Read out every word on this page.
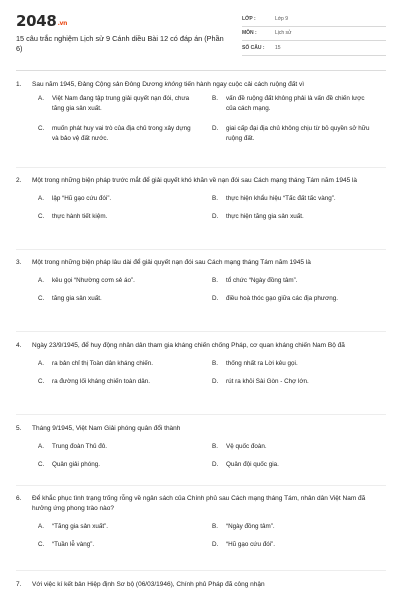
2048.vn
15 câu trắc nghiệm Lịch sử 9 Cánh diều Bài 12 có đáp án (Phần 6)
LỚP :	Lớp 9
MÔN :	Lịch sử
SỐ CÂU :	15
1.	Sau năm 1945, Đảng Cộng sản Đông Dương không tiến hành ngay cuộc cải cách ruộng đất vì
A.	Việt Nam đang tập trung giải quyết nạn đói, chưa tăng gia sản xuất.
B.	vấn đề ruộng đất không phải là vấn đề chiến lược của cách mạng.
C.	muốn phát huy vai trò của địa chủ trong xây dựng và bảo vệ đất nước.
D.	giai cấp đại địa chủ không chịu từ bỏ quyền sở hữu ruộng đất.
2.	Một trong những biện pháp trước mắt để giải quyết khó khăn về nạn đói sau Cách mạng tháng Tám năm 1945 là
A.	lập “Hũ gạo cứu đói”.	B.	thực hiện khẩu hiệu “Tấc đất tấc vàng”.
C.	thực hành tiết kiệm.	D.	thực hiện tăng gia sản xuất.
3.	Một trong những biện pháp lâu dài để giải quyết nạn đói sau Cách mạng tháng Tám năm 1945 là
A.	kêu gọi “Nhường cơm sẻ áo”.	B.	tổ chức “Ngày đồng tâm”.
C.	tăng gia sản xuất.	D.	điều hoà thóc gạo giữa các địa phương.
4.	Ngày 23/9/1945, để huy động nhân dân tham gia kháng chiến chống Pháp, cơ quan kháng chiến Nam Bộ đã
A.	ra bản chỉ thị Toàn dân kháng chiến.	B.	thống nhất ra Lời kêu gọi.
C.	ra đường lối kháng chiến toàn dân.	D.	rút ra khỏi Sài Gòn - Chợ lớn.
5.	Tháng 9/1945, Việt Nam Giải phóng quân đổi thành
A.	Trung đoàn Thủ đô.	B.	Vệ quốc đoàn.
C.	Quân giải phóng.	D.	Quân đội quốc gia.
6.	Để khắc phục tình trạng trống rỗng về ngân sách của Chính phủ sau Cách mạng tháng Tám, nhân dân Việt Nam đã hưởng ứng phong trào nào?
A.	“Tăng gia sản xuất”.	B.	“Ngày đồng tâm”.
C.	“Tuần lễ vàng”.	D.	“Hũ gạo cứu đói”.
7.	Với việc kí kết bản Hiệp định Sơ bộ (06/03/1946), Chính phủ Pháp đã công nhận
